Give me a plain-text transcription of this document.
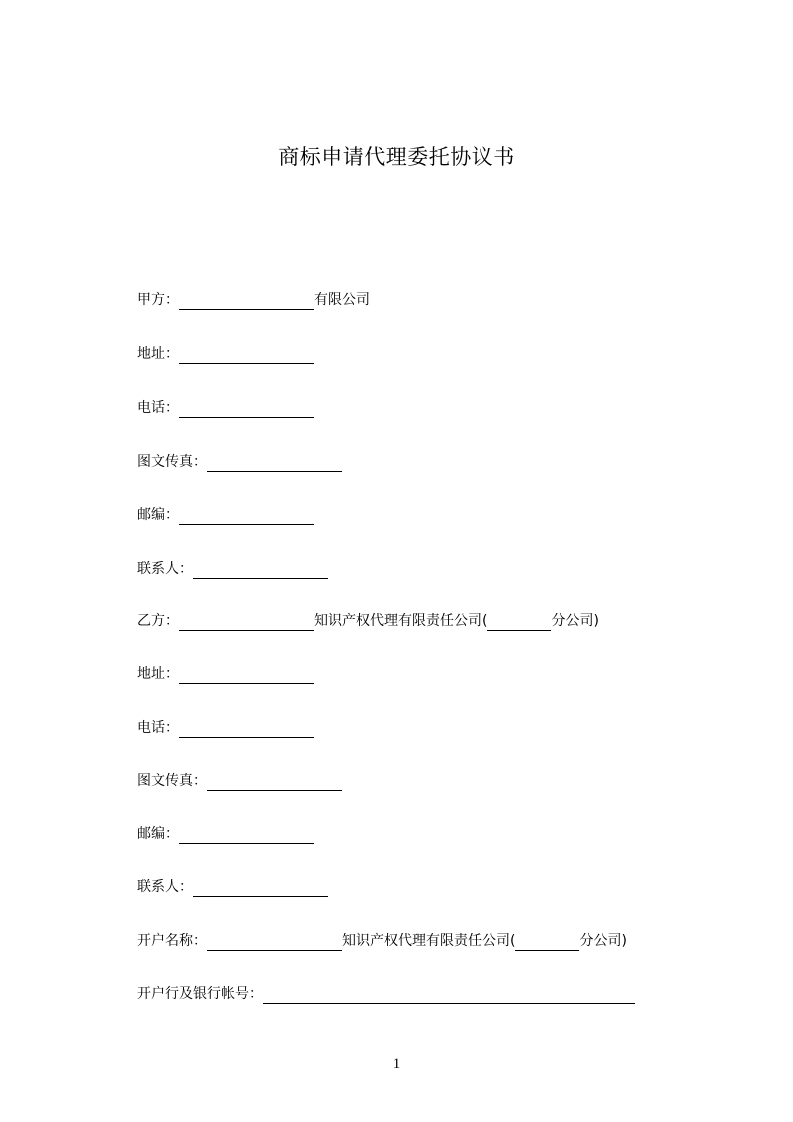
商标申请代理委托协议书
甲方：	有限公司
地址：
电话：
图文传真：
邮编：
联系人：
乙方：	知识产权代理有限责任公司(	分公司)
地址：
电话：
图文传真：
邮编：
联系人：
开户名称：	知识产权代理有限责任公司(	分公司)
开户行及银行帐号：
1
